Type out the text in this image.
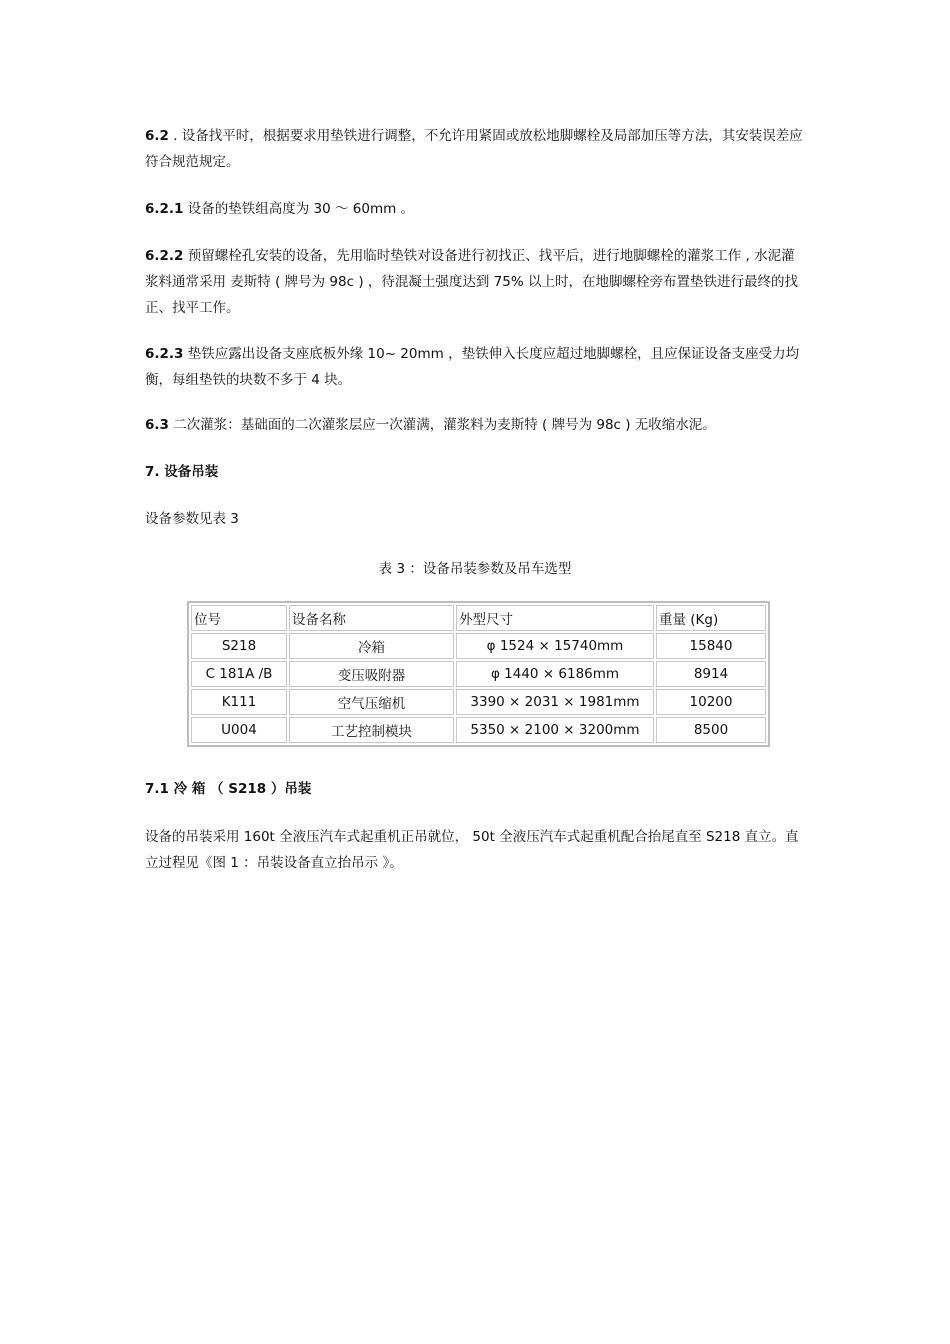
6.2 . 设备找平时，根据要求用垫铁进行调整，不允许用紧固或放松地脚螺栓及局部加压等方法，其安装误差应符合规范规定。

6.2.1 设备的垫铁组高度为 30 ～ 60mm 。

6.2.2 预留螺栓孔安装的设备，先用临时垫铁对设备进行初找正、找平后，进行地脚螺栓的灌浆工作 , 水泥灌浆料通常采用 麦斯特 ( 牌号为 98c ) ，待混凝土强度达到 75% 以上时，在地脚螺栓旁布置垫铁进行最终的找正、找平工作。

6.2.3 垫铁应露出设备支座底板外缘 10~ 20mm ，垫铁伸入长度应超过地脚螺栓，且应保证设备支座受力均衡，每组垫铁的块数不多于 4 块。

6.3 二次灌浆：基础面的二次灌浆层应一次灌满，灌浆料为麦斯特 ( 牌号为 98c ) 无收缩水泥。

7. 设备吊装

设备参数见表 3

表 3 ：设备吊装参数及吊车选型
位号	设备名称	外型尺寸	重量 (Kg)
S218	冷箱	φ 1524 × 15740mm	15840
C 181A /B	变压吸附器	φ 1440 × 6186mm	8914
K111	空气压缩机	3390 × 2031 × 1981mm	10200
U004	工艺控制模块	5350 × 2100 × 3200mm	8500

7.1 冷 箱 （ S218 ）吊装

设备的吊装采用 160t 全液压汽车式起重机正吊就位， 50t 全液压汽车式起重机配合抬尾直至 S218 直立。直立过程见《图 1 ：吊装设备直立抬吊示 》。
